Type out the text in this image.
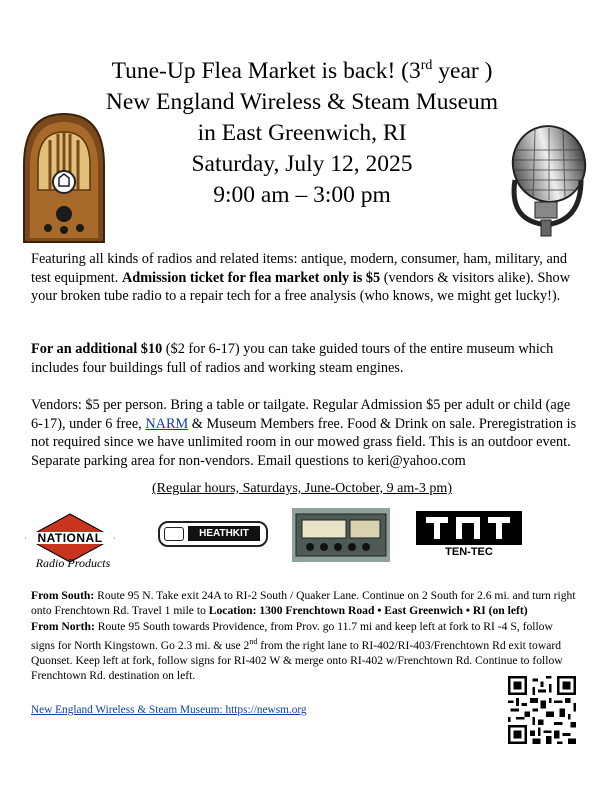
Tune-Up Flea Market is back! (3rd year )
New England Wireless & Steam Museum
in East Greenwich, RI
Saturday, July 12, 2025
9:00 am – 3:00 pm
Featuring all kinds of radios and related items: antique, modern, consumer, ham, military, and test equipment. Admission ticket for flea market only is $5 (vendors & visitors alike). Show your broken tube radio to a repair tech for a free analysis (who knows, we might get lucky!).
For an additional $10 ($2 for 6-17) you can take guided tours of the entire museum which includes four buildings full of radios and working steam engines.
Vendors: $5 per person. Bring a table or tailgate. Regular Admission $5 per adult or child (age 6-17), under 6 free, NARM & Museum Members free. Food & Drink on sale. Preregistration is not required since we have unlimited room in our mowed grass field. This is an outdoor event. Separate parking area for non-vendors. Email questions to keri@yahoo.com
(Regular hours, Saturdays, June-October, 9 am-3 pm)
NATIONAL
Radio Products
HEATHKIT
TEN-TEC
From South: Route 95 N. Take exit 24A to RI-2 South / Quaker Lane. Continue on 2 South for 2.6 mi. and turn right onto Frenchtown Rd. Travel 1 mile to Location: 1300 Frenchtown Road • East Greenwich • RI (on left)
From North: Route 95 South towards Providence, from Prov. go 11.7 mi and keep left at fork to RI -4 S, follow signs for North Kingstown. Go 2.3 mi. & use 2nd from the right lane to RI-402/RI-403/Frenchtown Rd exit toward Quonset. Keep left at fork, follow signs for RI-402 W & merge onto RI-402 w/Frenchtown Rd. Continue to follow Frenchtown Rd. destination on left.
New England Wireless & Steam Museum: https://newsm.org
